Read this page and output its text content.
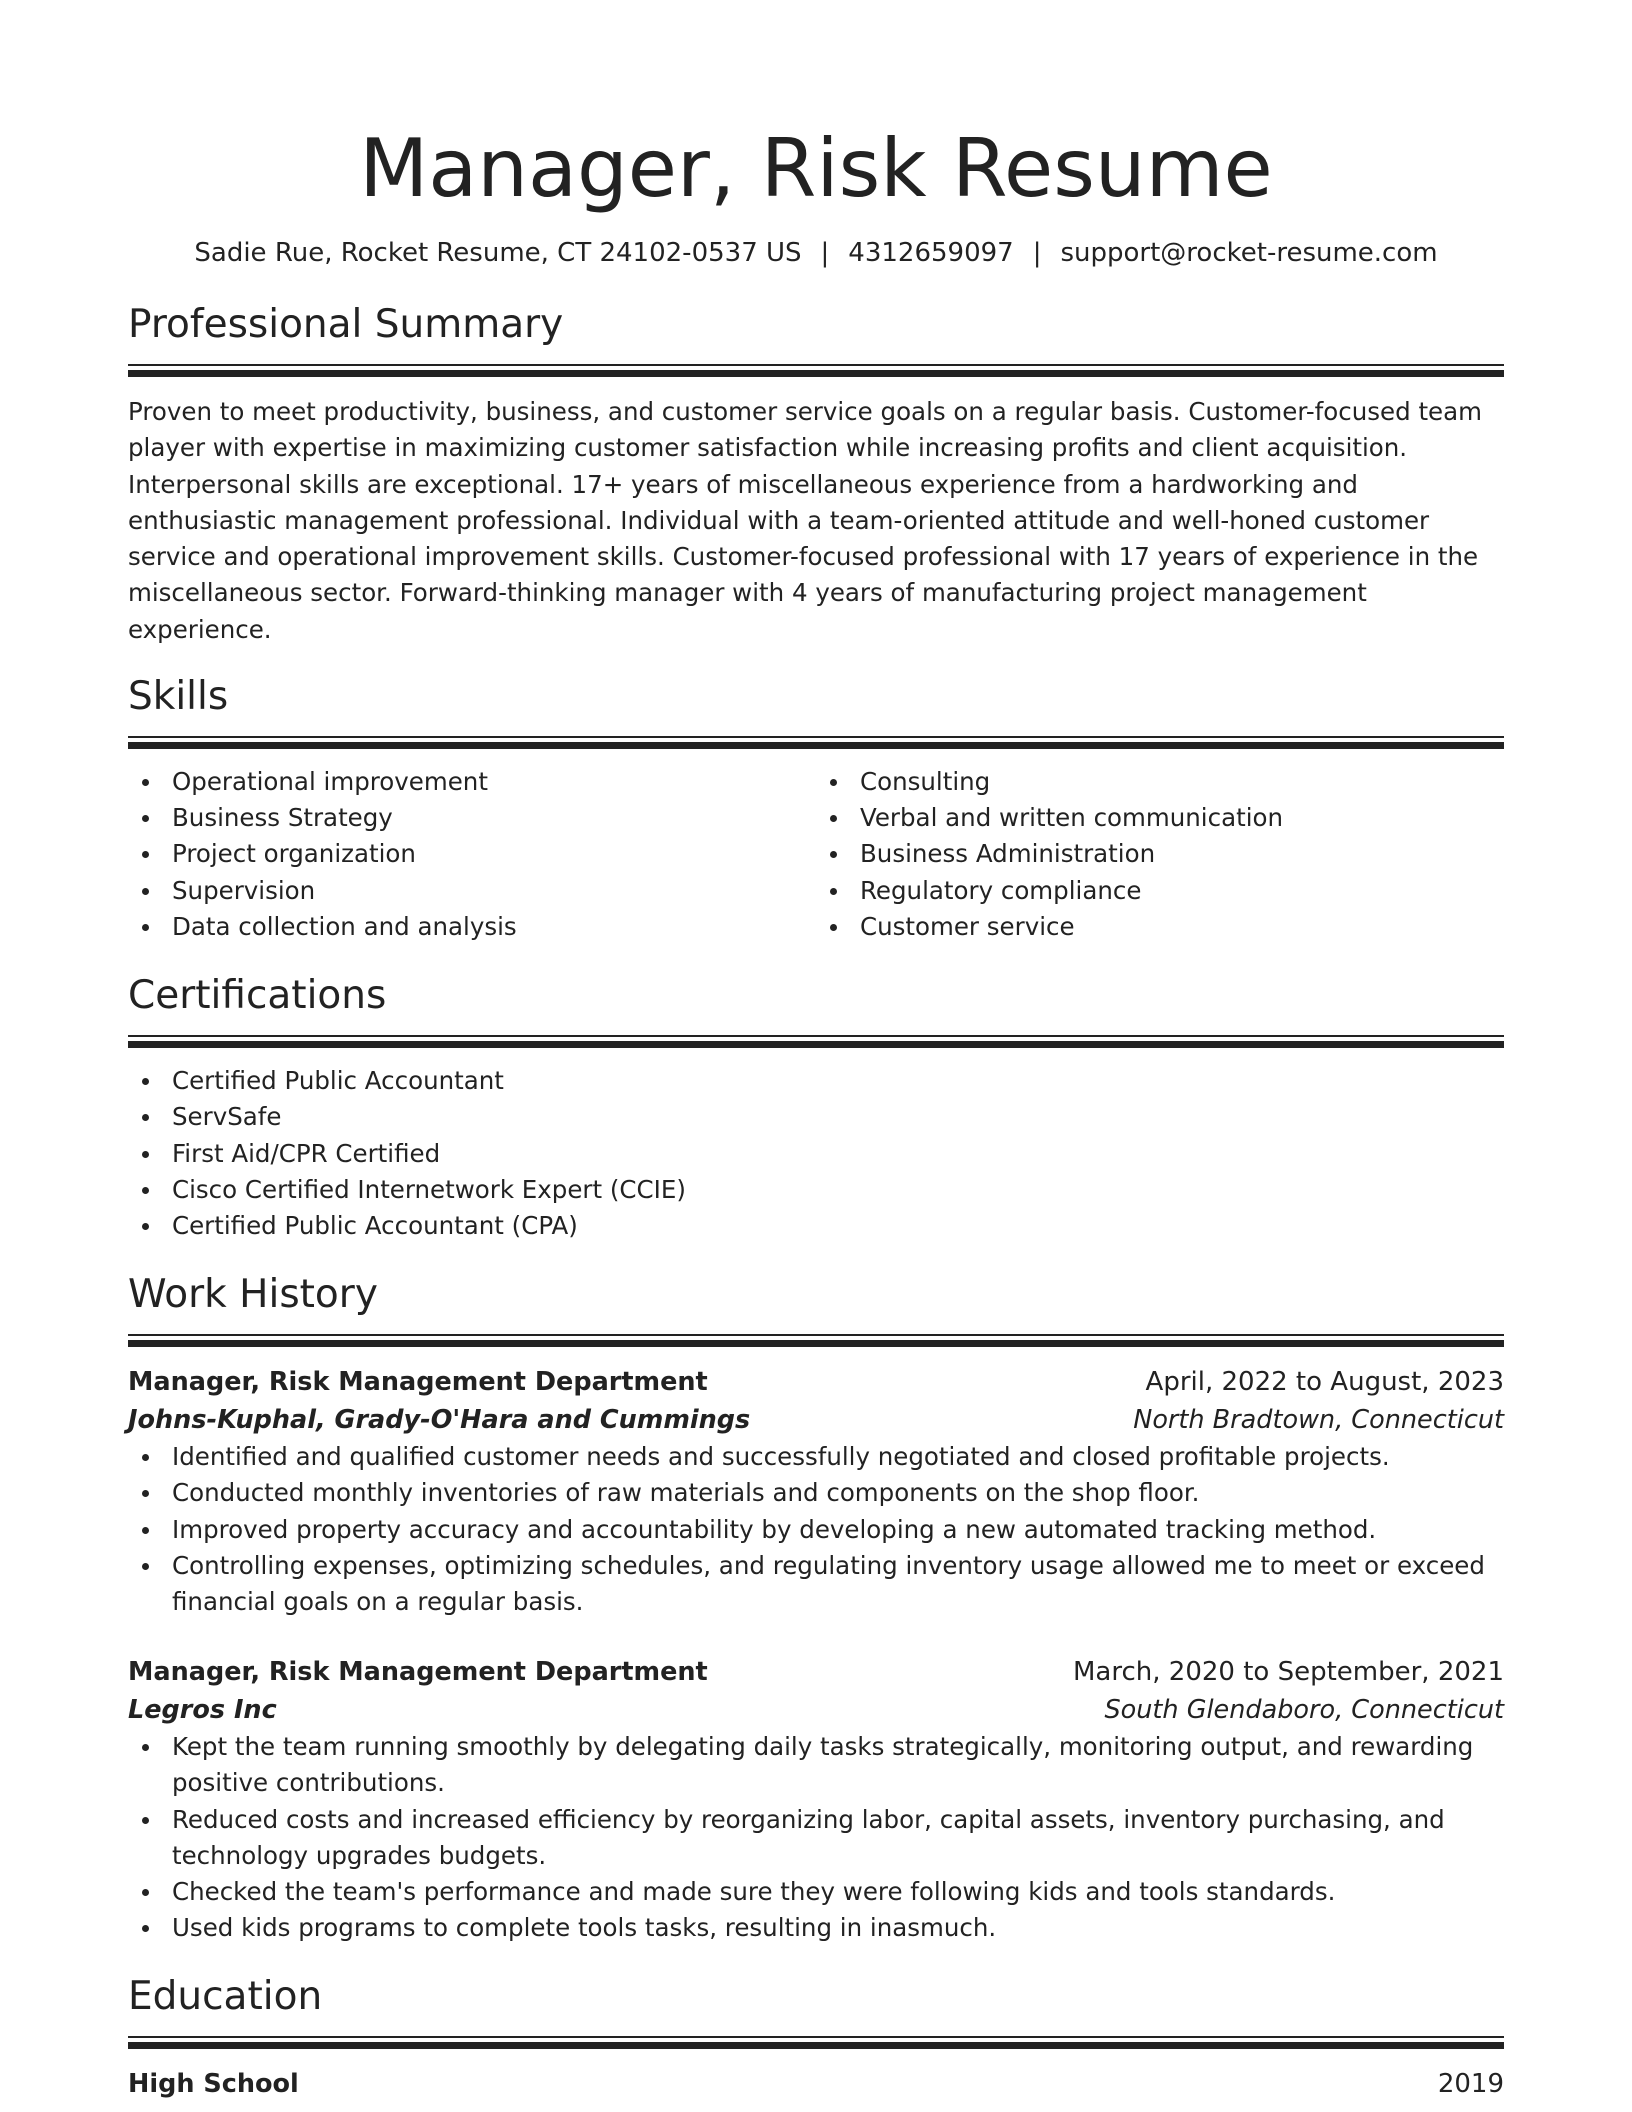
Manager, Risk Resume
Sadie Rue, Rocket Resume, CT 24102-0537 US | 4312659097 | support@rocket-resume.com
Professional Summary
Proven to meet productivity, business, and customer service goals on a regular basis. Customer-focused team player with expertise in maximizing customer satisfaction while increasing profits and client acquisition. Interpersonal skills are exceptional. 17+ years of miscellaneous experience from a hardworking and enthusiastic management professional. Individual with a team-oriented attitude and well-honed customer service and operational improvement skills. Customer-focused professional with 17 years of experience in the miscellaneous sector. Forward-thinking manager with 4 years of manufacturing project management experience.
Skills
Operational improvement
Business Strategy
Project organization
Supervision
Data collection and analysis
Consulting
Verbal and written communication
Business Administration
Regulatory compliance
Customer service
Certifications
Certified Public Accountant
ServSafe
First Aid/CPR Certified
Cisco Certified Internetwork Expert (CCIE)
Certified Public Accountant (CPA)
Work History
Manager, Risk Management Department	April, 2022 to August, 2023
Johns-Kuphal, Grady-O'Hara and Cummings	North Bradtown, Connecticut
Identified and qualified customer needs and successfully negotiated and closed profitable projects.
Conducted monthly inventories of raw materials and components on the shop floor.
Improved property accuracy and accountability by developing a new automated tracking method.
Controlling expenses, optimizing schedules, and regulating inventory usage allowed me to meet or exceed financial goals on a regular basis.
Manager, Risk Management Department	March, 2020 to September, 2021
Legros Inc	South Glendaboro, Connecticut
Kept the team running smoothly by delegating daily tasks strategically, monitoring output, and rewarding positive contributions.
Reduced costs and increased efficiency by reorganizing labor, capital assets, inventory purchasing, and technology upgrades budgets.
Checked the team's performance and made sure they were following kids and tools standards.
Used kids programs to complete tools tasks, resulting in inasmuch.
Education
High School	2019
